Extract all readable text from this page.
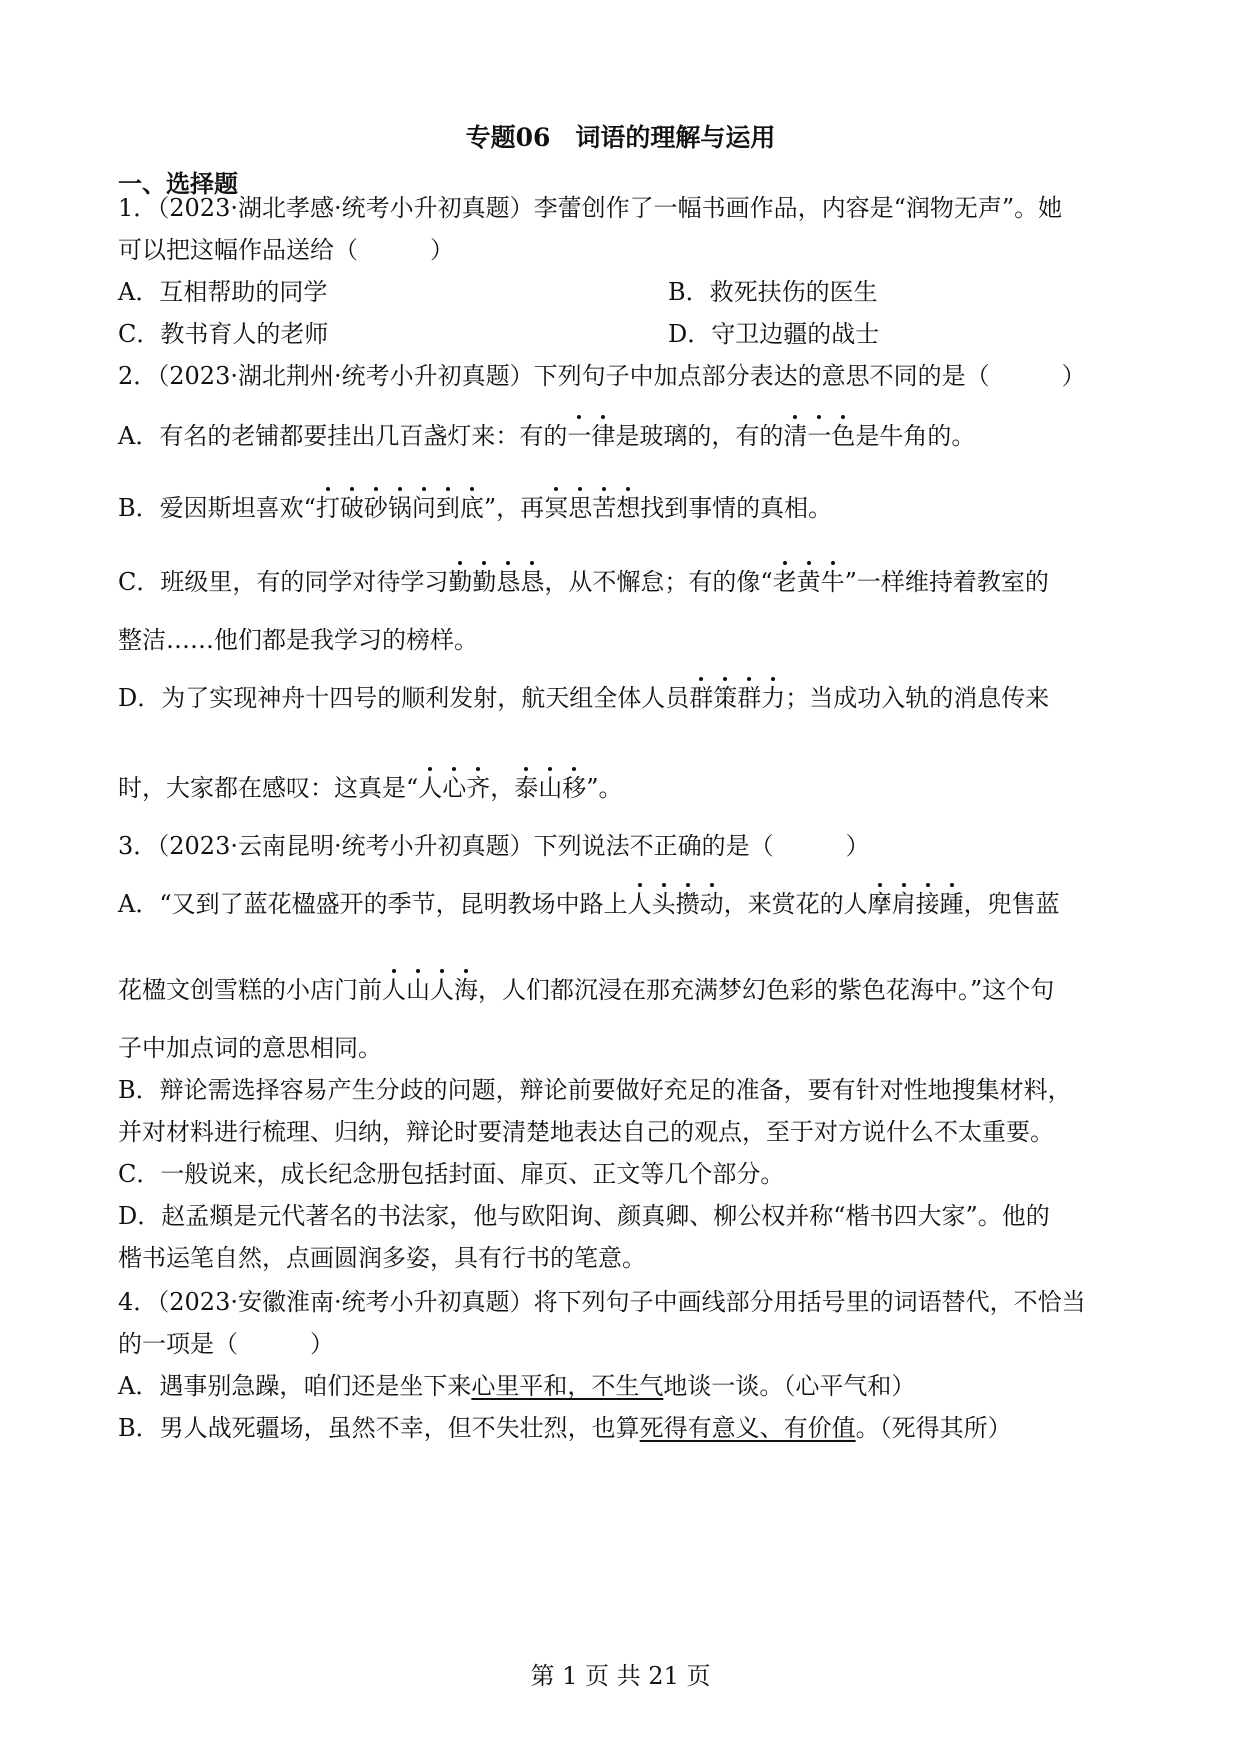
专题06　词语的理解与运用
一、选择题
1．（2023·湖北孝感·统考小升初真题）李蕾创作了一幅书画作品，内容是“润物无声”。她
可以把这幅作品送给（　　　）
A．互相帮助的同学	B．救死扶伤的医生
C．教书育人的老师	D．守卫边疆的战士
2．（2023·湖北荆州·统考小升初真题）下列句子中加点部分表达的意思不同的是（　　　）
A．有名的老铺都要挂出几百盏灯来：有的一律是玻璃的，有的清一色是牛角的。
B．爱因斯坦喜欢“打破砂锅问到底”，再冥思苦想找到事情的真相。
C．班级里，有的同学对待学习勤勤恳恳，从不懈怠；有的像“老黄牛”一样维持着教室的
整洁……他们都是我学习的榜样。
D．为了实现神舟十四号的顺利发射，航天组全体人员群策群力；当成功入轨的消息传来
时，大家都在感叹：这真是“人心齐，泰山移”。
3．（2023·云南昆明·统考小升初真题）下列说法不正确的是（　　　）
A．“又到了蓝花楹盛开的季节，昆明教场中路上人头攒动，来赏花的人摩肩接踵，兜售蓝
花楹文创雪糕的小店门前人山人海，人们都沉浸在那充满梦幻色彩的紫色花海中。”这个句
子中加点词的意思相同。
B．辩论需选择容易产生分歧的问题，辩论前要做好充足的准备，要有针对性地搜集材料，
并对材料进行梳理、归纳，辩论时要清楚地表达自己的观点，至于对方说什么不太重要。
C．一般说来，成长纪念册包括封面、扉页、正文等几个部分。
D．赵孟頫是元代著名的书法家，他与欧阳询、颜真卿、柳公权并称“楷书四大家”。他的
楷书运笔自然，点画圆润多姿，具有行书的笔意。
4．（2023·安徽淮南·统考小升初真题）将下列句子中画线部分用括号里的词语替代，不恰当
的一项是（　　　）
A．遇事别急躁，咱们还是坐下来心里平和，不生气地谈一谈。（心平气和）
B．男人战死疆场，虽然不幸，但不失壮烈，也算死得有意义、有价值。（死得其所）
第 1 页 共 21 页
